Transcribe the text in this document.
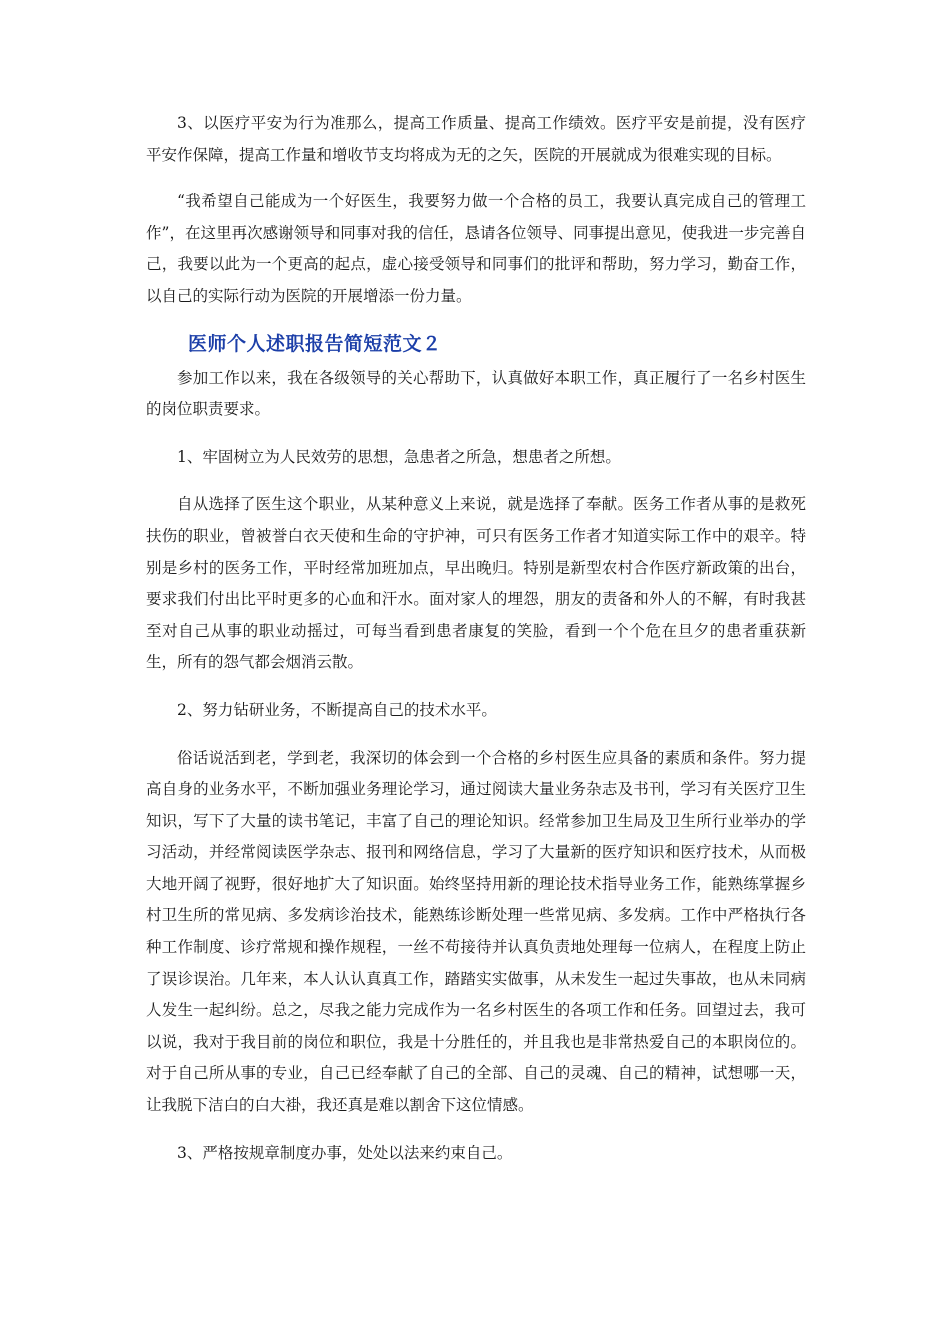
3、以医疗平安为行为准那么，提高工作质量、提高工作绩效。医疗平安是前提，没有医疗平安作保障，提高工作量和增收节支均将成为无的之矢，医院的开展就成为很难实现的目标。

“我希望自己能成为一个好医生，我要努力做一个合格的员工，我要认真完成自己的管理工作”，在这里再次感谢领导和同事对我的信任，恳请各位领导、同事提出意见，使我进一步完善自己，我要以此为一个更高的起点，虚心接受领导和同事们的批评和帮助，努力学习，勤奋工作，以自己的实际行动为医院的开展增添一份力量。

医师个人述职报告简短范文２

参加工作以来，我在各级领导的关心帮助下，认真做好本职工作，真正履行了一名乡村医生的岗位职责要求。

1、牢固树立为人民效劳的思想，急患者之所急，想患者之所想。

自从选择了医生这个职业，从某种意义上来说，就是选择了奉献。医务工作者从事的是救死扶伤的职业，曾被誉白衣天使和生命的守护神，可只有医务工作者才知道实际工作中的艰辛。特别是乡村的医务工作，平时经常加班加点，早出晚归。特别是新型农村合作医疗新政策的出台，要求我们付出比平时更多的心血和汗水。面对家人的埋怨，朋友的责备和外人的不解，有时我甚至对自己从事的职业动摇过，可每当看到患者康复的笑脸，看到一个个危在旦夕的患者重获新生，所有的怨气都会烟消云散。

2、努力钻研业务，不断提高自己的技术水平。

俗话说活到老，学到老，我深切的体会到一个合格的乡村医生应具备的素质和条件。努力提高自身的业务水平，不断加强业务理论学习，通过阅读大量业务杂志及书刊，学习有关医疗卫生知识，写下了大量的读书笔记，丰富了自己的理论知识。经常参加卫生局及卫生所行业举办的学习活动，并经常阅读医学杂志、报刊和网络信息，学习了大量新的医疗知识和医疗技术，从而极大地开阔了视野，很好地扩大了知识面。始终坚持用新的理论技术指导业务工作，能熟练掌握乡村卫生所的常见病、多发病诊治技术，能熟练诊断处理一些常见病、多发病。工作中严格执行各种工作制度、诊疗常规和操作规程，一丝不苟接待并认真负责地处理每一位病人，在程度上防止了误诊误治。几年来，本人认认真真工作，踏踏实实做事，从未发生一起过失事故，也从未同病人发生一起纠纷。总之，尽我之能力完成作为一名乡村医生的各项工作和任务。回望过去，我可以说，我对于我目前的岗位和职位，我是十分胜任的，并且我也是非常热爱自己的本职岗位的。对于自己所从事的专业，自己已经奉献了自己的全部、自己的灵魂、自己的精神，试想哪一天，让我脱下洁白的白大褂，我还真是难以割舍下这位情感。

3、严格按规章制度办事，处处以法来约束自己。
